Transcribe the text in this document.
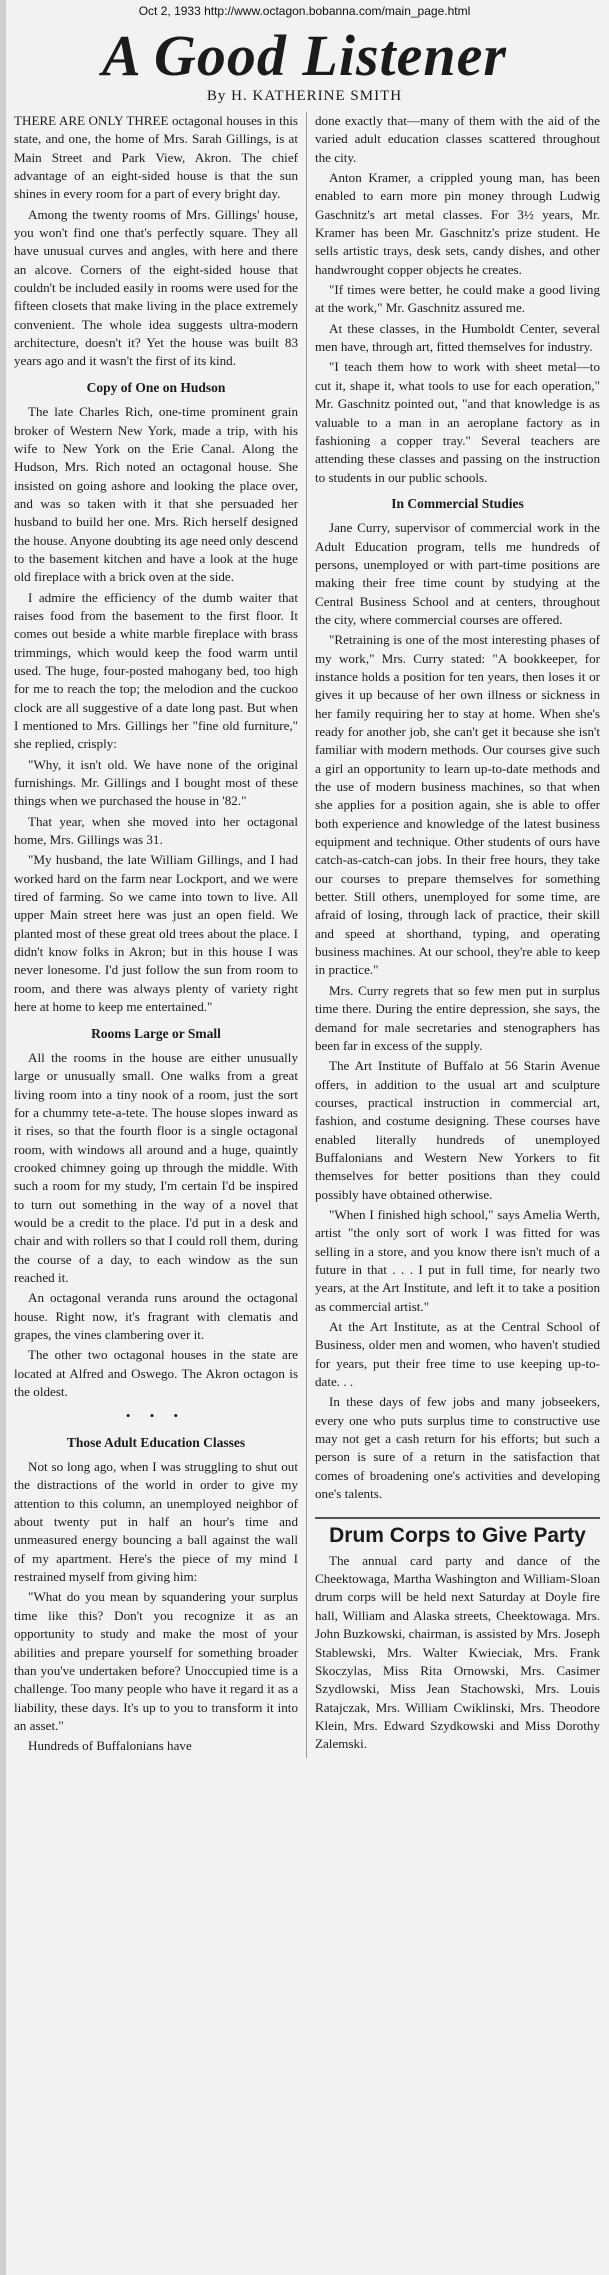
Oct 2, 1933 http://www.octagon.bobanna.com/main_page.html
A Good Listener
By H. KATHERINE SMITH

THERE ARE ONLY THREE octagonal houses in this state, and one, the home of Mrs. Sarah Gillings, is at Main Street and Park View, Akron. The chief advantage of an eight-sided house is that the sun shines in every room for a part of every bright day.

Among the twenty rooms of Mrs. Gillings' house, you won't find one that's perfectly square. They all have unusual curves and angles, with here and there an alcove. Corners of the eight-sided house that couldn't be included easily in rooms were used for the fifteen closets that make living in the place extremely convenient. The whole idea suggests ultra-modern architecture, doesn't it? Yet the house was built 83 years ago and it wasn't the first of its kind.

Copy of One on Hudson

The late Charles Rich, one-time prominent grain broker of Western New York, made a trip, with his wife to New York on the Erie Canal. Along the Hudson, Mrs. Rich noted an octagonal house. She insisted on going ashore and looking the place over, and was so taken with it that she persuaded her husband to build her one. Mrs. Rich herself designed the house. Anyone doubting its age need only descend to the basement kitchen and have a look at the huge old fireplace with a brick oven at the side.

I admire the efficiency of the dumb waiter that raises food from the basement to the first floor. It comes out beside a white marble fireplace with brass trimmings, which would keep the food warm until used. The huge, four-posted mahogany bed, too high for me to reach the top; the melodion and the cuckoo clock are all suggestive of a date long past. But when I mentioned to Mrs. Gillings her "fine old furniture," she replied, crisply:

"Why, it isn't old. We have none of the original furnishings. Mr. Gillings and I bought most of these things when we purchased the house in '82."

That year, when she moved into her octagonal home, Mrs. Gillings was 31.

"My husband, the late William Gillings, and I had worked hard on the farm near Lockport, and we were tired of farming. So we came into town to live. All upper Main street here was just an open field. We planted most of these great old trees about the place. I didn't know folks in Akron; but in this house I was never lonesome. I'd just follow the sun from room to room, and there was always plenty of variety right here at home to keep me entertained."

Rooms Large or Small

All the rooms in the house are either unusually large or unusually small. One walks from a great living room into a tiny nook of a room, just the sort for a chummy tete-a-tete. The house slopes inward as it rises, so that the fourth floor is a single octagonal room, with windows all around and a huge, quaintly crooked chimney going up through the middle. With such a room for my study, I'm certain I'd be inspired to turn out something in the way of a novel that would be a credit to the place. I'd put in a desk and chair and with rollers so that I could roll them, during the course of a day, to each window as the sun reached it.

An octagonal veranda runs around the octagonal house. Right now, it's fragrant with clematis and grapes, the vines clambering over it.

The other two octagonal houses in the state are located at Alfred and Oswego. The Akron octagon is the oldest.

• • •
Those Adult Education Classes

Not so long ago, when I was struggling to shut out the distractions of the world in order to give my attention to this column, an unemployed neighbor of about twenty put in half an hour's time and unmeasured energy bouncing a ball against the wall of my apartment. Here's the piece of my mind I restrained myself from giving him:

"What do you mean by squandering your surplus time like this? Don't you recognize it as an opportunity to study and make the most of your abilities and prepare yourself for something broader than you've undertaken before? Unoccupied time is a challenge. Too many people who have it regard it as a liability, these days. It's up to you to transform it into an asset."

Hundreds of Buffalonians have

done exactly that—many of them with the aid of the varied adult education classes scattered throughout the city.

Anton Kramer, a crippled young man, has been enabled to earn more pin money through Ludwig Gaschnitz's art metal classes. For 3½ years, Mr. Kramer has been Mr. Gaschnitz's prize student. He sells artistic trays, desk sets, candy dishes, and other handwrought copper objects he creates.

"If times were better, he could make a good living at the work," Mr. Gaschnitz assured me.

At these classes, in the Humboldt Center, several men have, through art, fitted themselves for industry.

"I teach them how to work with sheet metal—to cut it, shape it, what tools to use for each operation," Mr. Gaschnitz pointed out, "and that knowledge is as valuable to a man in an aeroplane factory as in fashioning a copper tray." Several teachers are attending these classes and passing on the instruction to students in our public schools.

In Commercial Studies

Jane Curry, supervisor of commercial work in the Adult Education program, tells me hundreds of persons, unemployed or with part-time positions are making their free time count by studying at the Central Business School and at centers, throughout the city, where commercial courses are offered.

"Retraining is one of the most interesting phases of my work," Mrs. Curry stated: "A bookkeeper, for instance holds a position for ten years, then loses it or gives it up because of her own illness or sickness in her family requiring her to stay at home. When she's ready for another job, she can't get it because she isn't familiar with modern methods. Our courses give such a girl an opportunity to learn up-to-date methods and the use of modern business machines, so that when she applies for a position again, she is able to offer both experience and knowledge of the latest business equipment and technique. Other students of ours have catch-as-catch-can jobs. In their free hours, they take our courses to prepare themselves for something better. Still others, unemployed for some time, are afraid of losing, through lack of practice, their skill and speed at shorthand, typing, and operating business machines. At our school, they're able to keep in practice."

Mrs. Curry regrets that so few men put in surplus time there. During the entire depression, she says, the demand for male secretaries and stenographers has been far in excess of the supply.

The Art Institute of Buffalo at 56 Starin Avenue offers, in addition to the usual art and sculpture courses, practical instruction in commercial art, fashion, and costume designing. These courses have enabled literally hundreds of unemployed Buffalonians and Western New Yorkers to fit themselves for better positions than they could possibly have obtained otherwise.

"When I finished high school," says Amelia Werth, artist "the only sort of work I was fitted for was selling in a store, and you know there isn't much of a future in that . . . I put in full time, for nearly two years, at the Art Institute, and left it to take a position as commercial artist."

At the Art Institute, as at the Central School of Business, older men and women, who haven't studied for years, put their free time to use keeping up-to-date. . .

In these days of few jobs and many jobseekers, every one who puts surplus time to constructive use may not get a cash return for his efforts; but such a person is sure of a return in the satisfaction that comes of broadening one's activities and developing one's talents.

Drum Corps to Give Party

The annual card party and dance of the Cheektowaga, Martha Washington and William-Sloan drum corps will be held next Saturday at Doyle fire hall, William and Alaska streets, Cheektowaga. Mrs. John Buzkowski, chairman, is assisted by Mrs. Joseph Stablewski, Mrs. Walter Kwieciak, Mrs. Frank Skoczylas, Miss Rita Ornowski, Mrs. Casimer Szydlowski, Miss Jean Stachowski, Mrs. Louis Ratajczak, Mrs. William Cwiklinski, Mrs. Theodore Klein, Mrs. Edward Szydkowski and Miss Dorothy Zalemski.
